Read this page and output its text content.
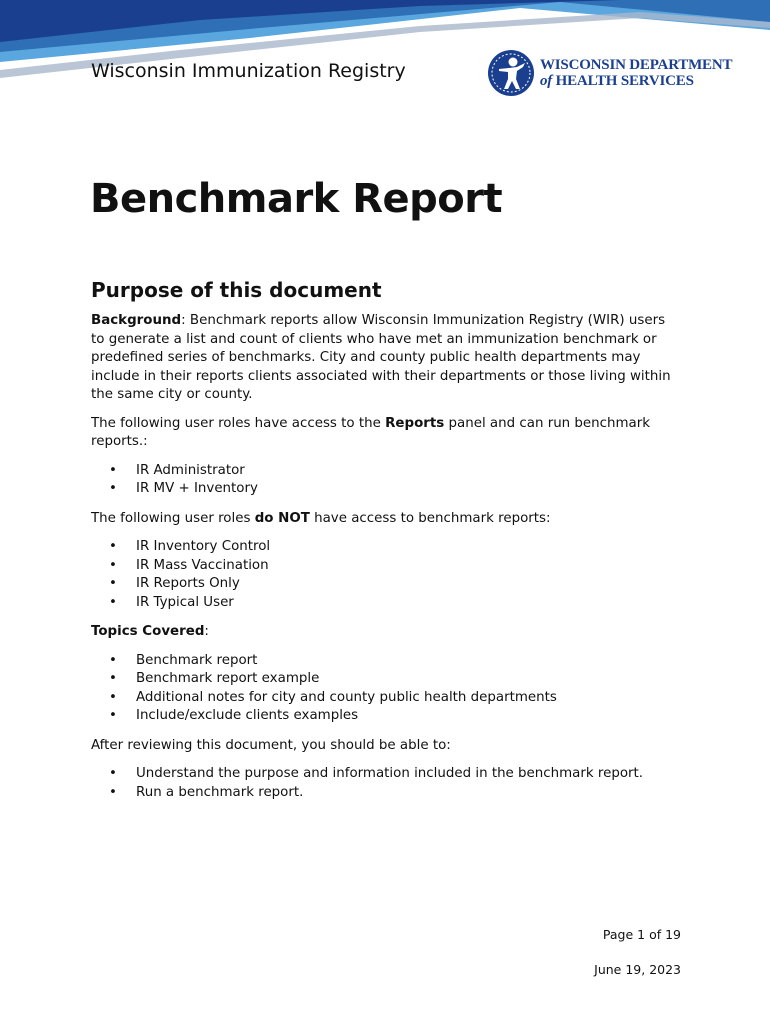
Wisconsin Immunization Registry	WISCONSIN DEPARTMENT
of HEALTH SERVICES
Benchmark Report
Purpose of this document

Background: Benchmark reports allow Wisconsin Immunization Registry (WIR) users to generate a list and count of clients who have met an immunization benchmark or predefined series of benchmarks. City and county public health departments may include in their reports clients associated with their departments or those living within the same city or county.

The following user roles have access to the Reports panel and can run benchmark reports.:

• IR Administrator
• IR MV + Inventory

The following user roles do NOT have access to benchmark reports:

• IR Inventory Control
• IR Mass Vaccination
• IR Reports Only
• IR Typical User

Topics Covered:

• Benchmark report
• Benchmark report example
• Additional notes for city and county public health departments
• Include/exclude clients examples

After reviewing this document, you should be able to:

• Understand the purpose and information included in the benchmark report.
• Run a benchmark report.
Page 1 of 19
June 19, 2023
